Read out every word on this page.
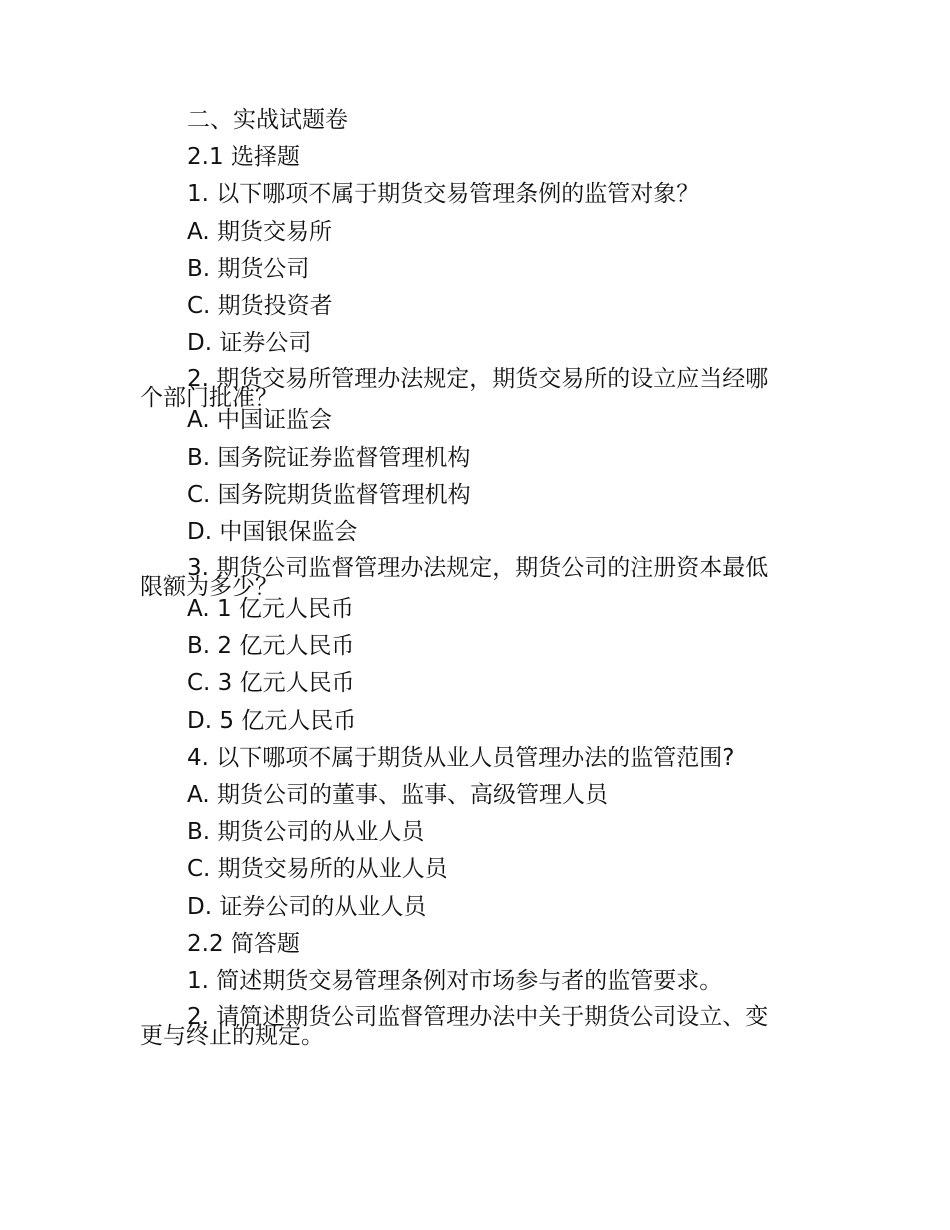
二、实战试题卷
2.1 选择题
1. 以下哪项不属于期货交易管理条例的监管对象？
A. 期货交易所
B. 期货公司
C. 期货投资者
D. 证券公司
2. 期货交易所管理办法规定，期货交易所的设立应当经哪
个部门批准？
A. 中国证监会
B. 国务院证券监督管理机构
C. 国务院期货监督管理机构
D. 中国银保监会
3. 期货公司监督管理办法规定，期货公司的注册资本最低
限额为多少？
A. 1 亿元人民币
B. 2 亿元人民币
C. 3 亿元人民币
D. 5 亿元人民币
4. 以下哪项不属于期货从业人员管理办法的监管范围?
A. 期货公司的董事、监事、高级管理人员
B. 期货公司的从业人员
C. 期货交易所的从业人员
D. 证券公司的从业人员
2.2 简答题
1. 简述期货交易管理条例对市场参与者的监管要求。
2. 请简述期货公司监督管理办法中关于期货公司设立、变
更与终止的规定。
